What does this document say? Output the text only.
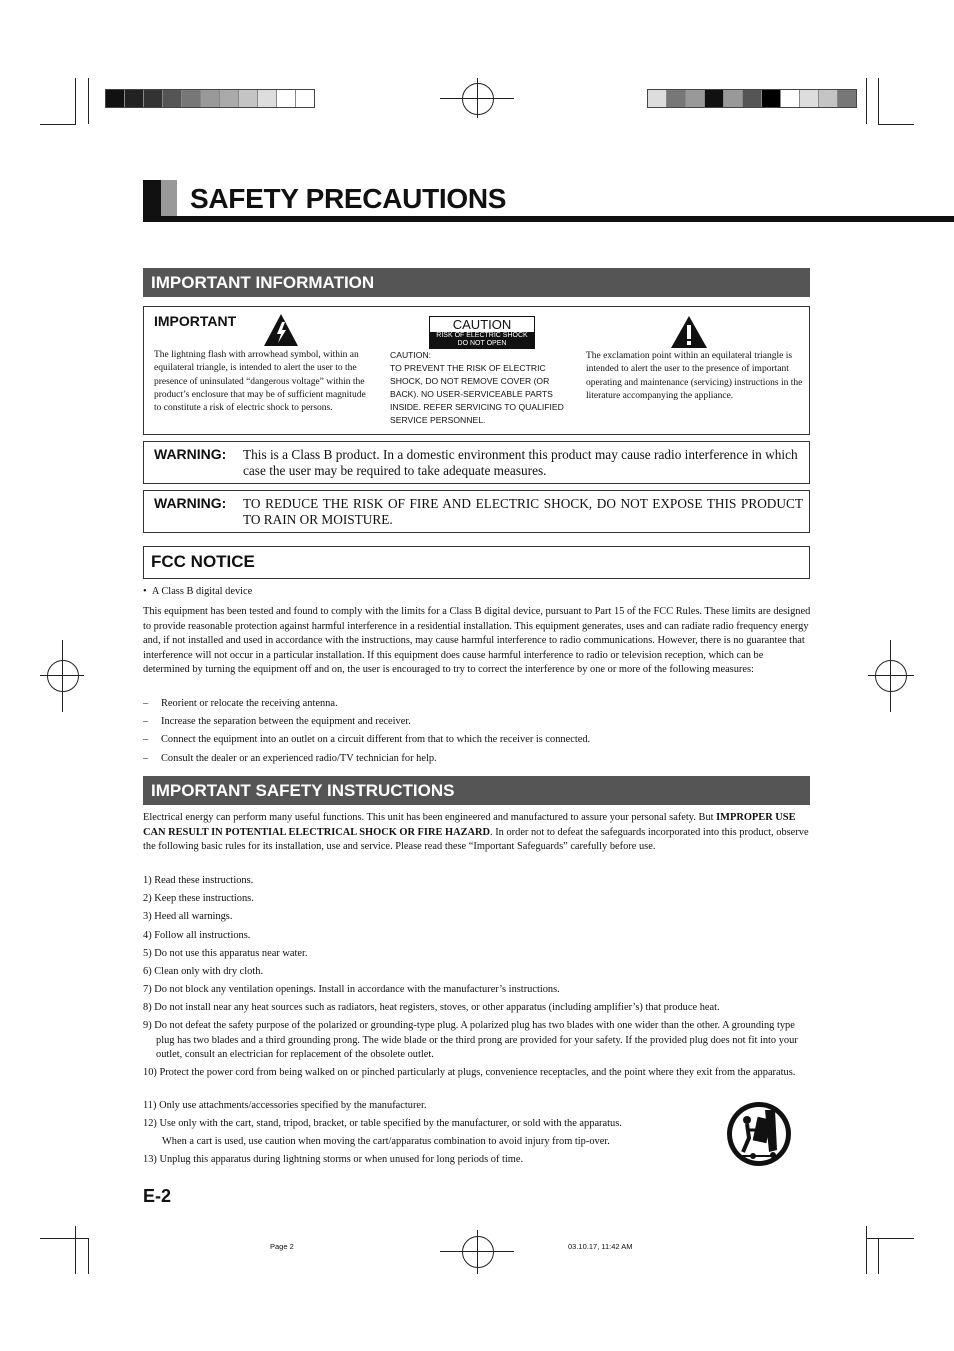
SAFETY PRECAUTIONS
IMPORTANT INFORMATION
IMPORTANT
The lightning flash with arrowhead symbol, within an equilateral triangle, is intended to alert the user to the presence of uninsulated “dangerous voltage” within the product’s enclosure that may be of sufficient magnitude to constitute a risk of electric shock to persons.
CAUTION
RISK OF ELECTRIC SHOCK
DO NOT OPEN
CAUTION:
TO PREVENT THE RISK OF ELECTRIC SHOCK, DO NOT REMOVE COVER (OR BACK). NO USER-SERVICEABLE PARTS INSIDE. REFER SERVICING TO QUALIFIED SERVICE PERSONNEL.
The exclamation point within an equilateral triangle is intended to alert the user to the presence of important operating and maintenance (servicing) instructions in the literature accompanying the appliance.
WARNING: This is a Class B product. In a domestic environment this product may cause radio interference in which case the user may be required to take adequate measures.
WARNING: TO REDUCE THE RISK OF FIRE AND ELECTRIC SHOCK, DO NOT EXPOSE THIS PRODUCT TO RAIN OR MOISTURE.
FCC NOTICE
•  A Class B digital device
This equipment has been tested and found to comply with the limits for a Class B digital device, pursuant to Part 15 of the FCC Rules. These limits are designed to provide reasonable protection against harmful interference in a residential installation. This equipment generates, uses and can radiate radio frequency energy and, if not installed and used in accordance with the instructions, may cause harmful interference to radio communications. However, there is no guarantee that interference will not occur in a particular installation. If this equipment does cause harmful interference to radio or television reception, which can be determined by turning the equipment off and on, the user is encouraged to try to correct the interference by one or more of the following measures:
– Reorient or relocate the receiving antenna.
– Increase the separation between the equipment and receiver.
– Connect the equipment into an outlet on a circuit different from that to which the receiver is connected.
– Consult the dealer or an experienced radio/TV technician for help.
IMPORTANT SAFETY INSTRUCTIONS
Electrical energy can perform many useful functions. This unit has been engineered and manufactured to assure your personal safety. But IMPROPER USE CAN RESULT IN POTENTIAL ELECTRICAL SHOCK OR FIRE HAZARD. In order not to defeat the safeguards incorporated into this product, observe the following basic rules for its installation, use and service. Please read these “Important Safeguards” carefully before use.
1) Read these instructions.
2) Keep these instructions.
3) Heed all warnings.
4) Follow all instructions.
5) Do not use this apparatus near water.
6) Clean only with dry cloth.
7) Do not block any ventilation openings. Install in accordance with the manufacturer’s instructions.
8) Do not install near any heat sources such as radiators, heat registers, stoves, or other apparatus (including amplifier’s) that produce heat.
9) Do not defeat the safety purpose of the polarized or grounding-type plug. A polarized plug has two blades with one wider than the other. A grounding type plug has two blades and a third grounding prong. The wide blade or the third prong are provided for your safety. If the provided plug does not fit into your outlet, consult an electrician for replacement of the obsolete outlet.
10) Protect the power cord from being walked on or pinched particularly at plugs, convenience receptacles, and the point where they exit from the apparatus.
11) Only use attachments/accessories specified by the manufacturer.
12) Use only with the cart, stand, tripod, bracket, or table specified by the manufacturer, or sold with the apparatus.
When a cart is used, use caution when moving the cart/apparatus combination to avoid injury from tip-over.
13) Unplug this apparatus during lightning storms or when unused for long periods of time.
E-2
Page 2	03.10.17, 11:42 AM
